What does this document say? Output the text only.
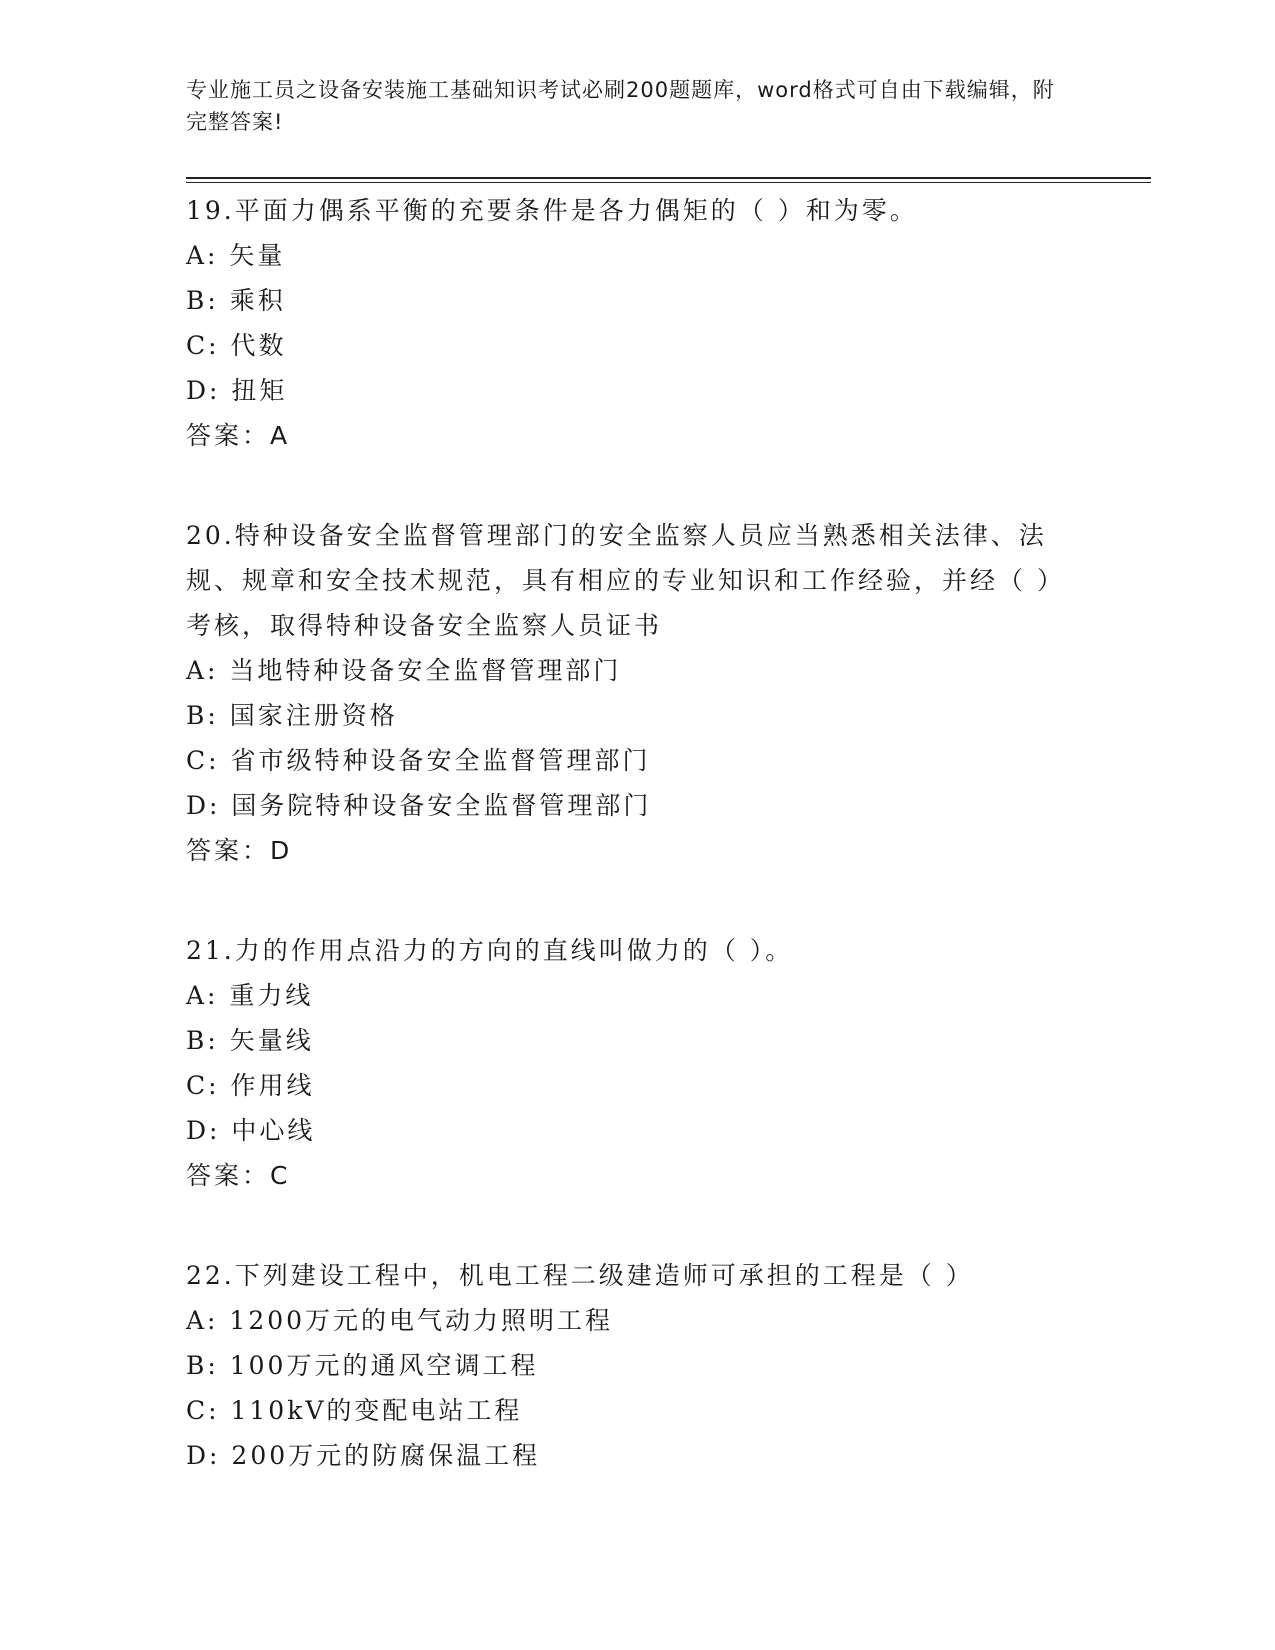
专业施工员之设备安装施工基础知识考试必刷200题题库，word格式可自由下载编辑，附完整答案!
19.平面力偶系平衡的充要条件是各力偶矩的（ ）和为零。
A: 矢量
B: 乘积
C: 代数
D: 扭矩
答案：A
20.特种设备安全监督管理部门的安全监察人员应当熟悉相关法律、法规、规章和安全技术规范，具有相应的专业知识和工作经验，并经（ ）考核，取得特种设备安全监察人员证书
A: 当地特种设备安全监督管理部门
B: 国家注册资格
C: 省市级特种设备安全监督管理部门
D: 国务院特种设备安全监督管理部门
答案：D
21.力的作用点沿力的方向的直线叫做力的（ ）。
A: 重力线
B: 矢量线
C: 作用线
D: 中心线
答案：C
22.下列建设工程中，机电工程二级建造师可承担的工程是（ ）
A: 1200万元的电气动力照明工程
B: 100万元的通风空调工程
C: 110kV的变配电站工程
D: 200万元的防腐保温工程
